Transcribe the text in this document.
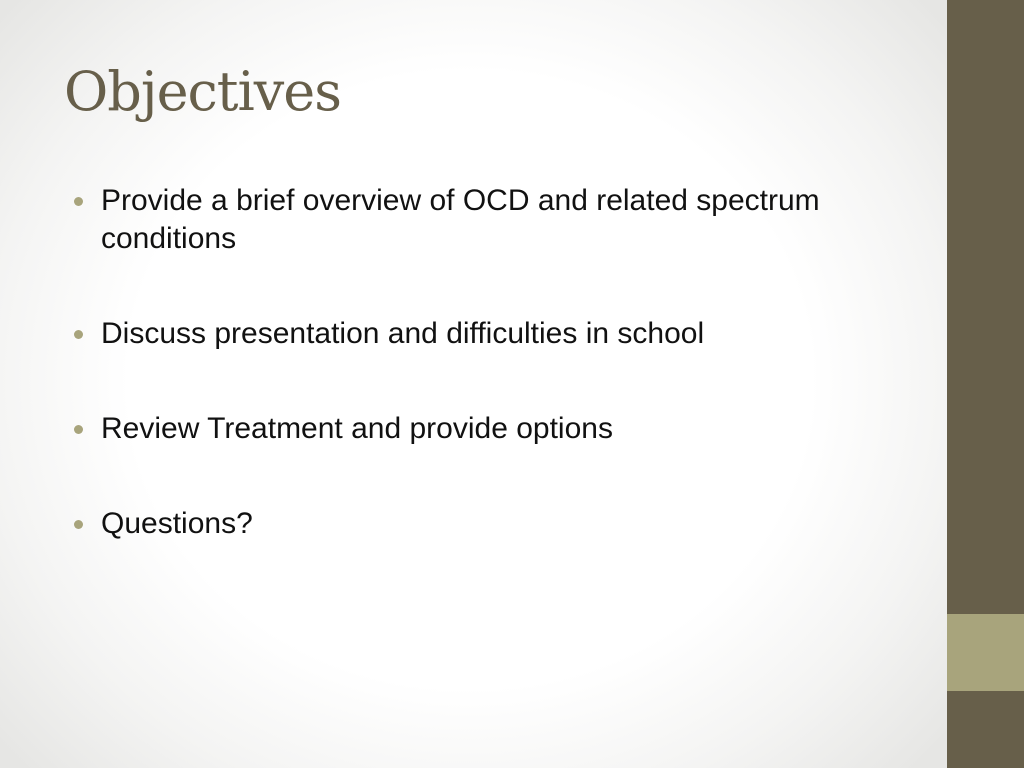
Objectives
Provide a brief overview of OCD and related spectrum conditions
Discuss presentation and difficulties in school
Review Treatment and provide options
Questions?
